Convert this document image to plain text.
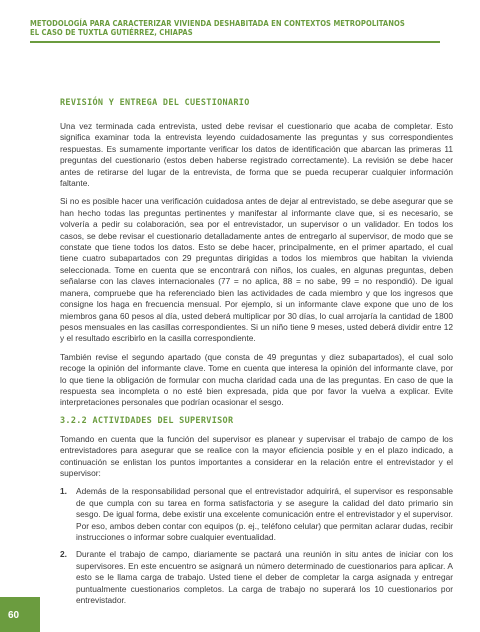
METODOLOGÍA PARA CARACTERIZAR VIVIENDA DESHABITADA EN CONTEXTOS METROPOLITANOS
EL CASO DE TUXTLA GUTIÉRREZ, CHIAPAS
REVISIÓN Y ENTREGA DEL CUESTIONARIO

Una vez terminada cada entrevista, usted debe revisar el cuestionario que acaba de completar. Esto significa examinar toda la entrevista leyendo cuidadosamente las preguntas y sus correspondientes respuestas. Es sumamente importante verificar los datos de identificación que abarcan las primeras 11 preguntas del cuestionario (estos deben haberse registrado correctamente). La revisión se debe hacer antes de retirarse del lugar de la entrevista, de forma que se pueda recuperar cualquier información faltante.

Si no es posible hacer una verificación cuidadosa antes de dejar al entrevistado, se debe asegurar que se han hecho todas las preguntas pertinentes y manifestar al informante clave que, si es necesario, se volvería a pedir su colaboración, sea por el entrevistador, un supervisor o un validador. En todos los casos, se debe revisar el cuestionario detalladamente antes de entregarlo al supervisor, de modo que se constate que tiene todos los datos. Esto se debe hacer, principalmente, en el primer apartado, el cual tiene cuatro subapartados con 29 preguntas dirigidas a todos los miembros que habitan la vivienda seleccionada. Tome en cuenta que se encontrará con niños, los cuales, en algunas preguntas, deben señalarse con las claves internacionales (77 = no aplica, 88 = no sabe, 99 = no respondió). De igual manera, compruebe que ha referenciado bien las actividades de cada miembro y que los ingresos que consigne los haga en frecuencia mensual. Por ejemplo, si un informante clave expone que uno de los miembros gana 60 pesos al día, usted deberá multiplicar por 30 días, lo cual arrojaría la cantidad de 1800 pesos mensuales en las casillas correspondientes. Si un niño tiene 9 meses, usted deberá dividir entre 12 y el resultado escribirlo en la casilla correspondiente.

También revise el segundo apartado (que consta de 49 preguntas y diez subapartados), el cual solo recoge la opinión del informante clave. Tome en cuenta que interesa la opinión del informante clave, por lo que tiene la obligación de formular con mucha claridad cada una de las preguntas. En caso de que la respuesta sea incompleta o no esté bien expresada, pida que por favor la vuelva a explicar. Evite interpretaciones personales que podrían ocasionar el sesgo.

3.2.2 ACTIVIDADES DEL SUPERVISOR

Tomando en cuenta que la función del supervisor es planear y supervisar el trabajo de campo de los entrevistadores para asegurar que se realice con la mayor eficiencia posible y en el plazo indicado, a continuación se enlistan los puntos importantes a considerar en la relación entre el entrevistador y el supervisor:

1. Además de la responsabilidad personal que el entrevistador adquirirá, el supervisor es responsable de que cumpla con su tarea en forma satisfactoria y se asegure la calidad del dato primario sin sesgo. De igual forma, debe existir una excelente comunicación entre el entrevistador y el supervisor. Por eso, ambos deben contar con equipos (p. ej., teléfono celular) que permitan aclarar dudas, recibir instrucciones o informar sobre cualquier eventualidad.
2. Durante el trabajo de campo, diariamente se pactará una reunión in situ antes de iniciar con los supervisores. En este encuentro se asignará un número determinado de cuestionarios para aplicar. A esto se le llama carga de trabajo. Usted tiene el deber de completar la carga asignada y entregar puntualmente cuestionarios completos. La carga de trabajo no superará los 10 cuestionarios por entrevistador.
60
